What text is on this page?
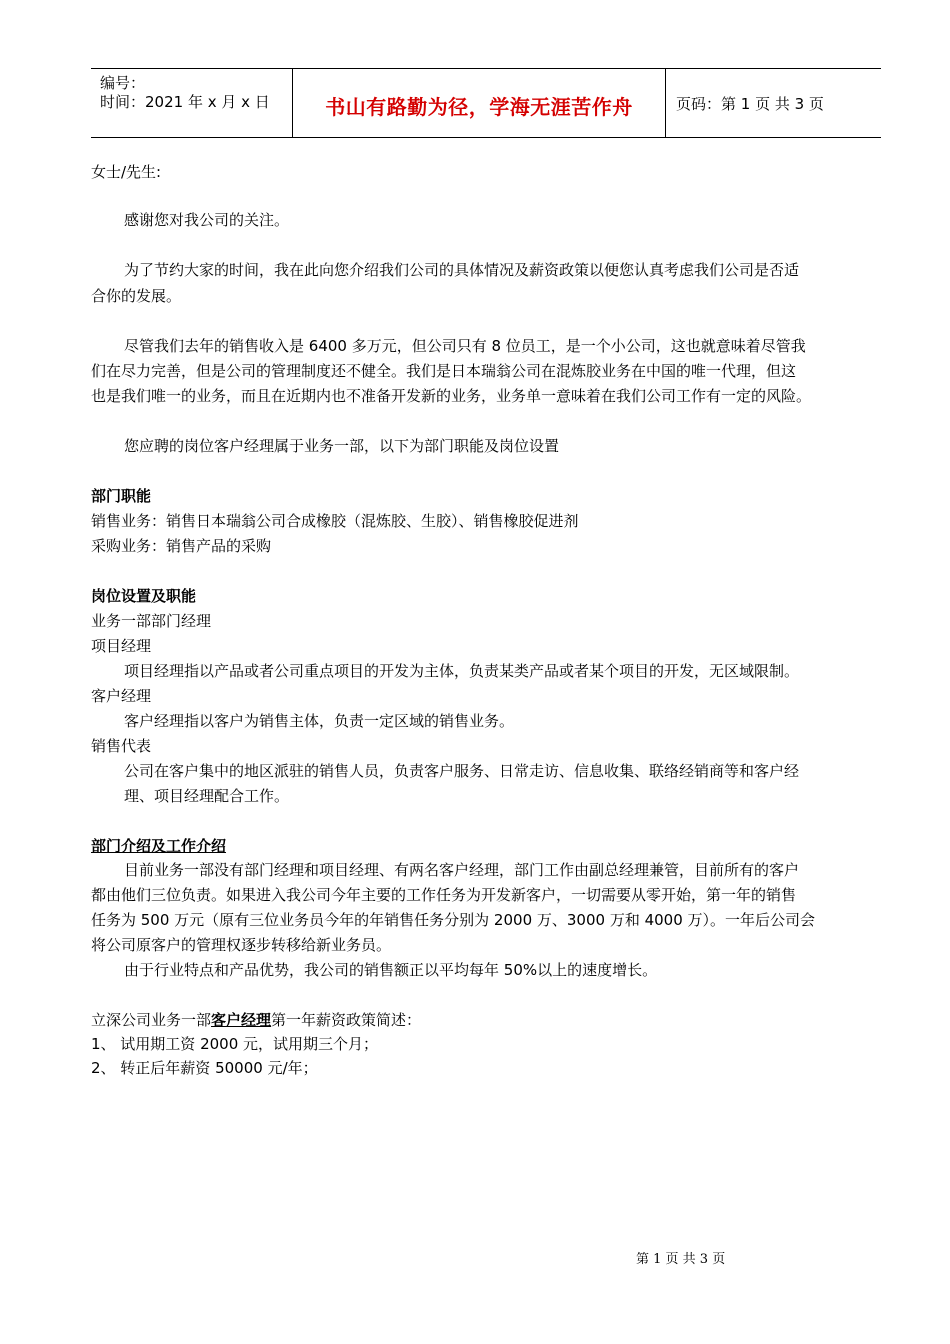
编号：
时间：2021 年 x 月 x 日	书山有路勤为径，学海无涯苦作舟	页码：第 1 页 共 3 页
女士/先生:
感谢您对我公司的关注。
为了节约大家的时间，我在此向您介绍我们公司的具体情况及薪资政策以便您认真考虑我们公司是否适
合你的发展。
尽管我们去年的销售收入是 6400 多万元，但公司只有 8 位员工，是一个小公司，这也就意味着尽管我
们在尽力完善，但是公司的管理制度还不健全。我们是日本瑞翁公司在混炼胶业务在中国的唯一代理，但这
也是我们唯一的业务，而且在近期内也不准备开发新的业务，业务单一意味着在我们公司工作有一定的风险。
您应聘的岗位客户经理属于业务一部，以下为部门职能及岗位设置
部门职能
销售业务：销售日本瑞翁公司合成橡胶（混炼胶、生胶）、销售橡胶促进剂
采购业务：销售产品的采购
岗位设置及职能
业务一部部门经理
项目经理
项目经理指以产品或者公司重点项目的开发为主体，负责某类产品或者某个项目的开发，无区域限制。
客户经理
客户经理指以客户为销售主体，负责一定区域的销售业务。
销售代表
公司在客户集中的地区派驻的销售人员，负责客户服务、日常走访、信息收集、联络经销商等和客户经
理、项目经理配合工作。
部门介绍及工作介绍
目前业务一部没有部门经理和项目经理、有两名客户经理，部门工作由副总经理兼管，目前所有的客户
都由他们三位负责。如果进入我公司今年主要的工作任务为开发新客户，一切需要从零开始，第一年的销售
任务为 500 万元（原有三位业务员今年的年销售任务分别为 2000 万、3000 万和 4000 万）。一年后公司会
将公司原客户的管理权逐步转移给新业务员。
由于行业特点和产品优势，我公司的销售额正以平均每年 50%以上的速度增长。
立深公司业务一部客户经理第一年薪资政策简述：
1、 试用期工资 2000 元，试用期三个月；
2、 转正后年薪资 50000 元/年；
第 1 页 共 3 页
